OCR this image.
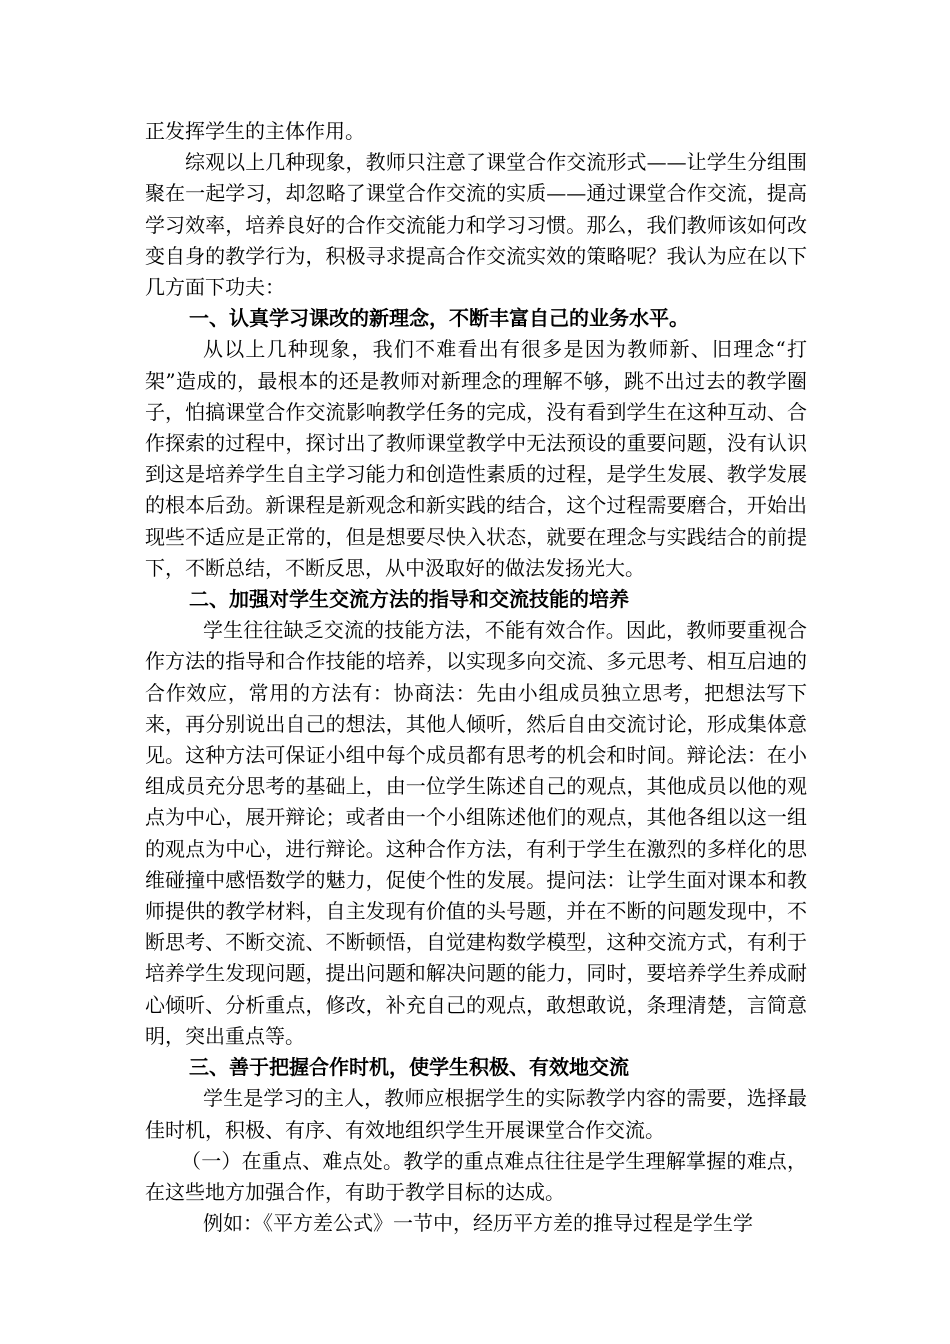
正发挥学生的主体作用。

综观以上几种现象，教师只注意了课堂合作交流形式——让学生分组围聚在一起学习，却忽略了课堂合作交流的实质——通过课堂合作交流，提高学习效率，培养良好的合作交流能力和学习习惯。那么，我们教师该如何改变自身的教学行为，积极寻求提高合作交流实效的策略呢？我认为应在以下几方面下功夫：

一、认真学习课改的新理念，不断丰富自己的业务水平。

从以上几种现象，我们不难看出有很多是因为教师新、旧理念“打架”造成的，最根本的还是教师对新理念的理解不够，跳不出过去的教学圈子，怕搞课堂合作交流影响教学任务的完成，没有看到学生在这种互动、合作探索的过程中，探讨出了教师课堂教学中无法预设的重要问题，没有认识到这是培养学生自主学习能力和创造性素质的过程，是学生发展、教学发展的根本后劲。新课程是新观念和新实践的结合，这个过程需要磨合，开始出现些不适应是正常的，但是想要尽快入状态，就要在理念与实践结合的前提下，不断总结，不断反思，从中汲取好的做法发扬光大。

二、加强对学生交流方法的指导和交流技能的培养

学生往往缺乏交流的技能方法，不能有效合作。因此，教师要重视合作方法的指导和合作技能的培养，以实现多向交流、多元思考、相互启迪的合作效应，常用的方法有：协商法：先由小组成员独立思考，把想法写下来，再分别说出自己的想法，其他人倾听，然后自由交流讨论，形成集体意见。这种方法可保证小组中每个成员都有思考的机会和时间。辩论法：在小组成员充分思考的基础上，由一位学生陈述自己的观点，其他成员以他的观点为中心，展开辩论；或者由一个小组陈述他们的观点，其他各组以这一组的观点为中心，进行辩论。这种合作方法，有利于学生在激烈的多样化的思维碰撞中感悟数学的魅力，促使个性的发展。提问法：让学生面对课本和教师提供的教学材料，自主发现有价值的头号题，并在不断的问题发现中，不断思考、不断交流、不断顿悟，自觉建构数学模型，这种交流方式，有利于培养学生发现问题，提出问题和解决问题的能力，同时，要培养学生养成耐心倾听、分析重点，修改，补充自己的观点，敢想敢说，条理清楚，言简意明，突出重点等。

三、善于把握合作时机，使学生积极、有效地交流

学生是学习的主人，教师应根据学生的实际教学内容的需要，选择最佳时机，积极、有序、有效地组织学生开展课堂合作交流。

（一）在重点、难点处。教学的重点难点往往是学生理解掌握的难点，在这些地方加强合作，有助于教学目标的达成。

例如：《平方差公式》一节中，经历平方差的推导过程是学生学
